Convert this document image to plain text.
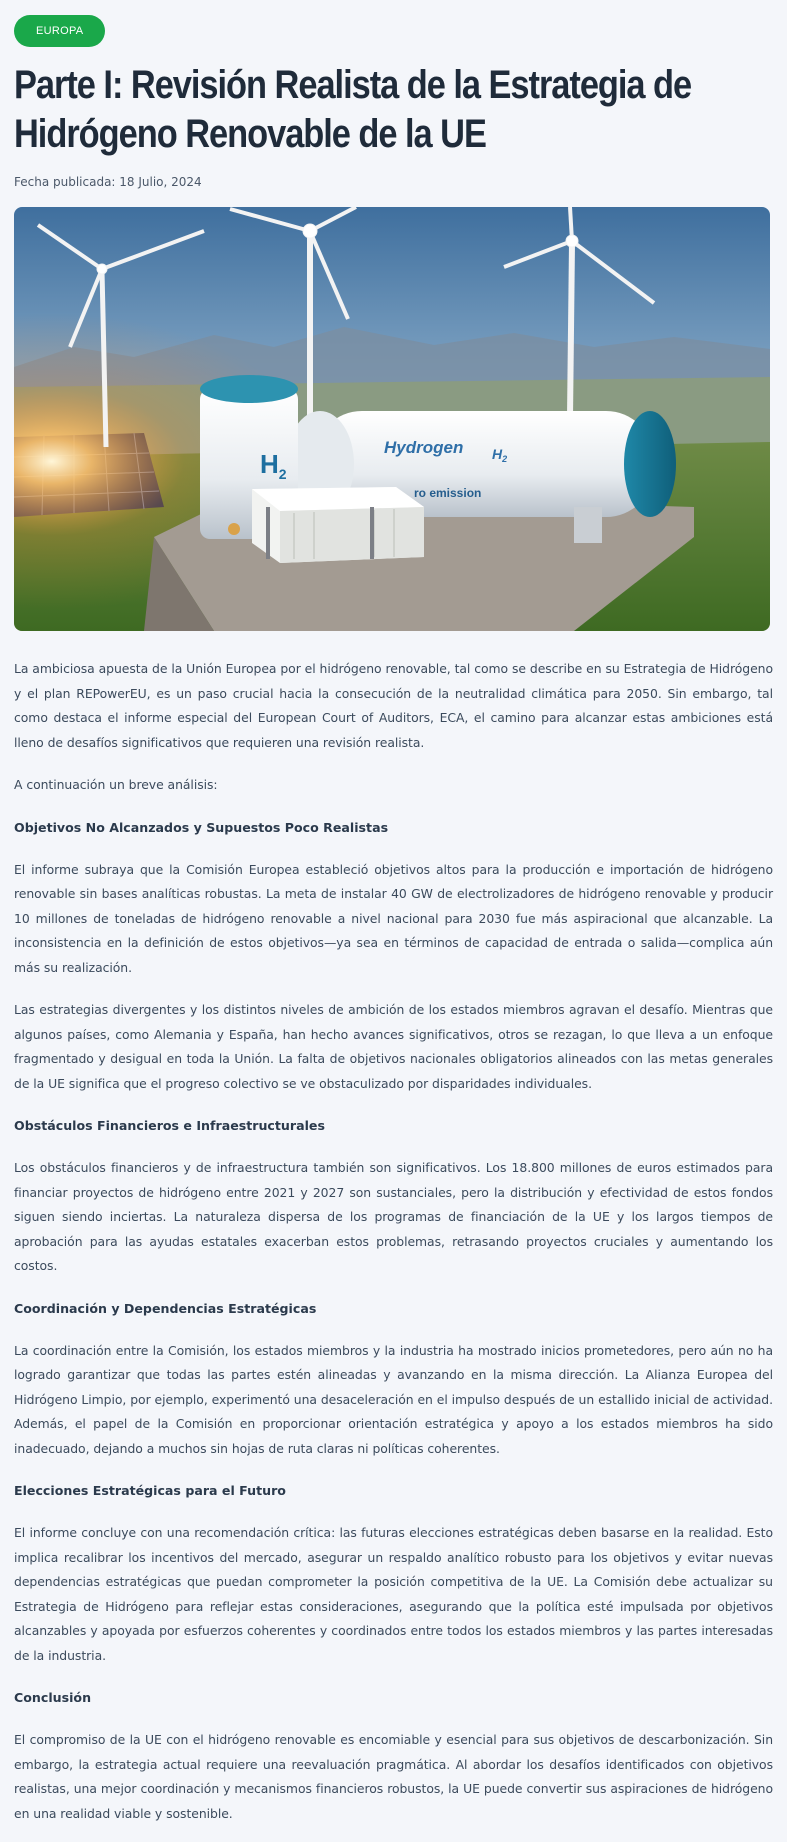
EUROPA
Parte I: Revisión Realista de la Estrategia de Hidrógeno Renovable de la UE
Fecha publicada: 18 Julio, 2024
Hydrogen $H_2$
ro emission
$H_2$

La ambiciosa apuesta de la Unión Europea por el hidrógeno renovable, tal como se describe en su Estrategia de Hidrógeno y el plan REPowerEU, es un paso crucial hacia la consecución de la neutralidad climática para 2050. Sin embargo, tal como destaca el informe especial del European Court of Auditors, ECA, el camino para alcanzar estas ambiciones está lleno de desafíos significativos que requieren una revisión realista.

A continuación un breve análisis:

Objetivos No Alcanzados y Supuestos Poco Realistas

El informe subraya que la Comisión Europea estableció objetivos altos para la producción e importación de hidrógeno renovable sin bases analíticas robustas. La meta de instalar 40 GW de electrolizadores de hidrógeno renovable y producir 10 millones de toneladas de hidrógeno renovable a nivel nacional para 2030 fue más aspiracional que alcanzable. La inconsistencia en la definición de estos objetivos—ya sea en términos de capacidad de entrada o salida—complica aún más su realización.

Las estrategias divergentes y los distintos niveles de ambición de los estados miembros agravan el desafío. Mientras que algunos países, como Alemania y España, han hecho avances significativos, otros se rezagan, lo que lleva a un enfoque fragmentado y desigual en toda la Unión. La falta de objetivos nacionales obligatorios alineados con las metas generales de la UE significa que el progreso colectivo se ve obstaculizado por disparidades individuales.

Obstáculos Financieros e Infraestructurales

Los obstáculos financieros y de infraestructura también son significativos. Los 18.800 millones de euros estimados para financiar proyectos de hidrógeno entre 2021 y 2027 son sustanciales, pero la distribución y efectividad de estos fondos siguen siendo inciertas. La naturaleza dispersa de los programas de financiación de la UE y los largos tiempos de aprobación para las ayudas estatales exacerban estos problemas, retrasando proyectos cruciales y aumentando los costos.

Coordinación y Dependencias Estratégicas

La coordinación entre la Comisión, los estados miembros y la industria ha mostrado inicios prometedores, pero aún no ha logrado garantizar que todas las partes estén alineadas y avanzando en la misma dirección. La Alianza Europea del Hidrógeno Limpio, por ejemplo, experimentó una desaceleración en el impulso después de un estallido inicial de actividad. Además, el papel de la Comisión en proporcionar orientación estratégica y apoyo a los estados miembros ha sido inadecuado, dejando a muchos sin hojas de ruta claras ni políticas coherentes.

Elecciones Estratégicas para el Futuro

El informe concluye con una recomendación crítica: las futuras elecciones estratégicas deben basarse en la realidad. Esto implica recalibrar los incentivos del mercado, asegurar un respaldo analítico robusto para los objetivos y evitar nuevas dependencias estratégicas que puedan comprometer la posición competitiva de la UE. La Comisión debe actualizar su Estrategia de Hidrógeno para reflejar estas consideraciones, asegurando que la política esté impulsada por objetivos alcanzables y apoyada por esfuerzos coherentes y coordinados entre todos los estados miembros y las partes interesadas de la industria.

Conclusión

El compromiso de la UE con el hidrógeno renovable es encomiable y esencial para sus objetivos de descarbonización. Sin embargo, la estrategia actual requiere una reevaluación pragmática. Al abordar los desafíos identificados con objetivos realistas, una mejor coordinación y mecanismos financieros robustos, la UE puede convertir sus aspiraciones de hidrógeno en una realidad viable y sostenible.
